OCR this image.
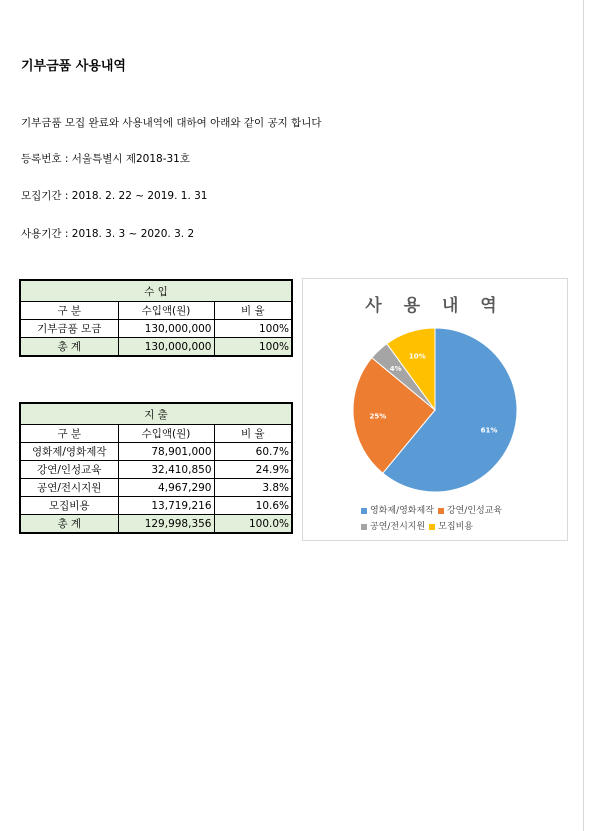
기부금품 사용내역
기부금품 모집 완료와 사용내역에 대하여 아래와 같이 공지 합니다
등록번호 : 서울특별시 제2018-31호
모집기간 : 2018. 2. 22 ~ 2019. 1. 31
사용기간 : 2018. 3. 3 ~ 2020. 3. 2
수 입		
구 분	수입액(원)	비 율
기부금품 모금	130,000,000	100%
총 계	130,000,000	100%
지 출		
구 분	수입액(원)	비 율
영화제/영화제작	78,901,000	60.7%
강연/인성교육	32,410,850	24.9%
공연/전시지원	4,967,290	3.8%
모집비용	13,719,216	10.6%
총 계	129,998,356	100.0%
사 용 내 역
61%
25%
4%
10%
영화제/영화제작 강연/인성교육공연/전시지원 모집비용
